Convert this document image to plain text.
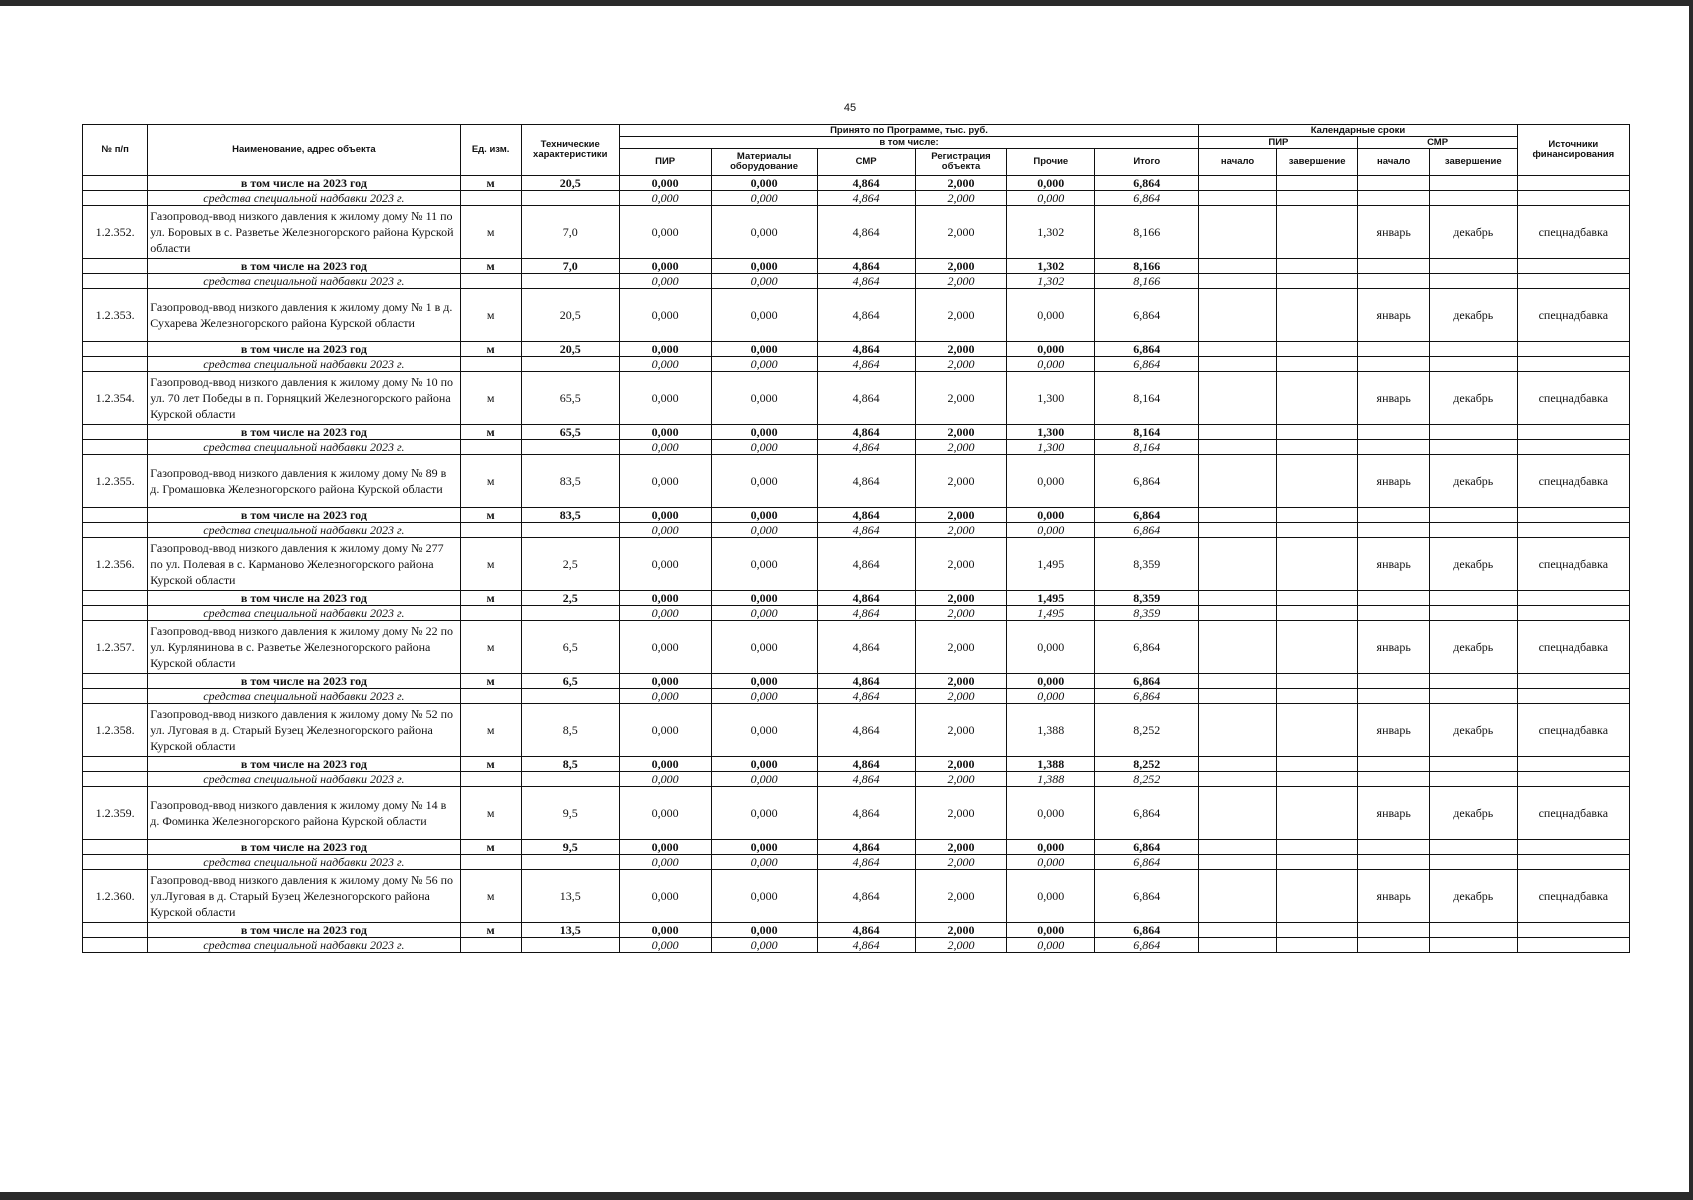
45
№ п/п	Наименование, адрес объекта	Ед. изм.	Технические характеристики	Принято по Программе, тыс. руб.						Календарные сроки				Источники финансирования
				в том числе:						ПИР		СМР		
				ПИР	Материалы оборудование	СМР	Регистрация объекта	Прочие	Итого					
										начало	завершение	начало	завершение	
	в том числе на 2023 год	м	20,5	0,000	0,000	4,864	2,000	0,000	6,864					
	средства специальной надбавки 2023 г.			0,000	0,000	4,864	2,000	0,000	6,864					
1.2.352.	Газопровод-ввод низкого давления к жилому дому № 11 по ул. Боровых в с. Разветье Железногорского района Курской области	м	7,0	0,000	0,000	4,864	2,000	1,302	8,166			январь	декабрь	спецнадбавка
	в том числе на 2023 год	м	7,0	0,000	0,000	4,864	2,000	1,302	8,166					
	средства специальной надбавки 2023 г.			0,000	0,000	4,864	2,000	1,302	8,166					
1.2.353.	Газопровод-ввод низкого давления к жилому дому № 1 в д. Сухарева Железногорского района Курской области	м	20,5	0,000	0,000	4,864	2,000	0,000	6,864			январь	декабрь	спецнадбавка
	в том числе на 2023 год	м	20,5	0,000	0,000	4,864	2,000	0,000	6,864					
	средства специальной надбавки 2023 г.			0,000	0,000	4,864	2,000	0,000	6,864					
1.2.354.	Газопровод-ввод низкого давления к жилому дому № 10 по ул. 70 лет Победы в п. Горняцкий Железногорского района Курской области	м	65,5	0,000	0,000	4,864	2,000	1,300	8,164			январь	декабрь	спецнадбавка
	в том числе на 2023 год	м	65,5	0,000	0,000	4,864	2,000	1,300	8,164					
	средства специальной надбавки 2023 г.			0,000	0,000	4,864	2,000	1,300	8,164					
1.2.355.	Газопровод-ввод низкого давления к жилому дому № 89 в д. Громашовка Железногорского района Курской области	м	83,5	0,000	0,000	4,864	2,000	0,000	6,864			январь	декабрь	спецнадбавка
	в том числе на 2023 год	м	83,5	0,000	0,000	4,864	2,000	0,000	6,864					
	средства специальной надбавки 2023 г.			0,000	0,000	4,864	2,000	0,000	6,864					
1.2.356.	Газопровод-ввод низкого давления к жилому дому № 277 по ул. Полевая в с. Карманово Железногорского района Курской области	м	2,5	0,000	0,000	4,864	2,000	1,495	8,359			январь	декабрь	спецнадбавка
	в том числе на 2023 год	м	2,5	0,000	0,000	4,864	2,000	1,495	8,359					
	средства специальной надбавки 2023 г.			0,000	0,000	4,864	2,000	1,495	8,359					
1.2.357.	Газопровод-ввод низкого давления к жилому дому № 22 по ул. Курлянинова в с. Разветье Железногорского района Курской области	м	6,5	0,000	0,000	4,864	2,000	0,000	6,864			январь	декабрь	спецнадбавка
	в том числе на 2023 год	м	6,5	0,000	0,000	4,864	2,000	0,000	6,864					
	средства специальной надбавки 2023 г.			0,000	0,000	4,864	2,000	0,000	6,864					
1.2.358.	Газопровод-ввод низкого давления к жилому дому № 52 по ул. Луговая в д. Старый Бузец Железногорского района Курской области	м	8,5	0,000	0,000	4,864	2,000	1,388	8,252			январь	декабрь	спецнадбавка
	в том числе на 2023 год	м	8,5	0,000	0,000	4,864	2,000	1,388	8,252					
	средства специальной надбавки 2023 г.			0,000	0,000	4,864	2,000	1,388	8,252					
1.2.359.	Газопровод-ввод низкого давления к жилому дому № 14 в д. Фоминка Железногорского района Курской области	м	9,5	0,000	0,000	4,864	2,000	0,000	6,864			январь	декабрь	спецнадбавка
	в том числе на 2023 год	м	9,5	0,000	0,000	4,864	2,000	0,000	6,864					
	средства специальной надбавки 2023 г.			0,000	0,000	4,864	2,000	0,000	6,864					
1.2.360.	Газопровод-ввод низкого давления к жилому дому № 56 по ул.Луговая в д. Старый Бузец Железногорского района Курской области	м	13,5	0,000	0,000	4,864	2,000	0,000	6,864			январь	декабрь	спецнадбавка
	в том числе на 2023 год	м	13,5	0,000	0,000	4,864	2,000	0,000	6,864					
	средства специальной надбавки 2023 г.			0,000	0,000	4,864	2,000	0,000	6,864					
